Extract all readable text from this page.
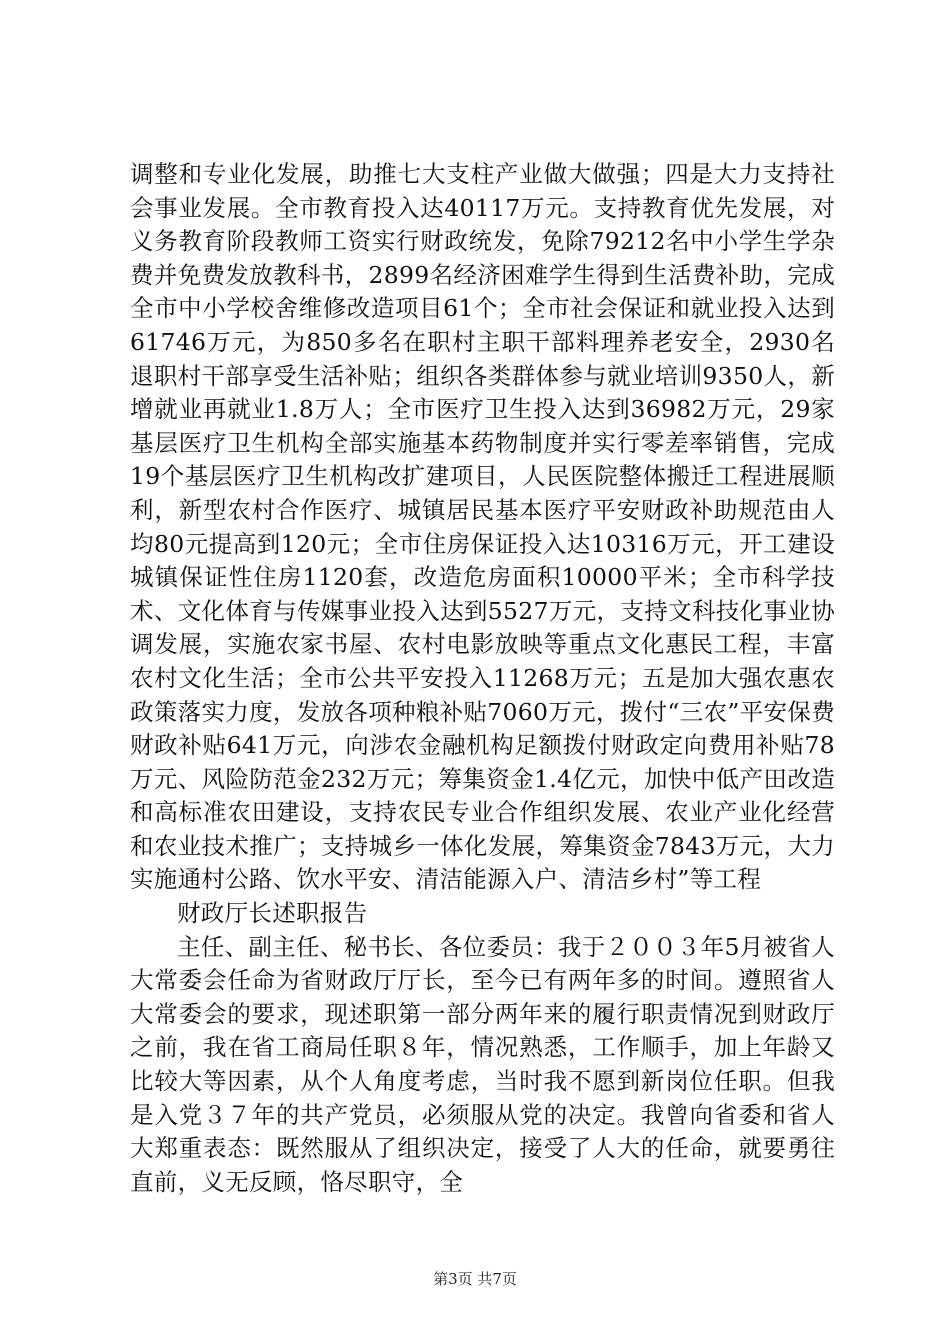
调整和专业化发展，助推七大支柱产业做大做强；四是大力支持社会事业发展。全市教育投入达40117万元。支持教育优先发展，对义务教育阶段教师工资实行财政统发，免除79212名中小学生学杂费并免费发放教科书，2899名经济困难学生得到生活费补助，完成全市中小学校舍维修改造项目61个；全市社会保证和就业投入达到61746万元，为850多名在职村主职干部料理养老安全，2930名退职村干部享受生活补贴；组织各类群体参与就业培训9350人，新增就业再就业1.8万人；全市医疗卫生投入达到36982万元，29家基层医疗卫生机构全部实施基本药物制度并实行零差率销售，完成19个基层医疗卫生机构改扩建项目，人民医院整体搬迁工程进展顺利，新型农村合作医疗、城镇居民基本医疗平安财政补助规范由人均80元提高到120元；全市住房保证投入达10316万元，开工建设城镇保证性住房1120套，改造危房面积10000平米；全市科学技术、文化体育与传媒事业投入达到5527万元，支持文科技化事业协调发展，实施农家书屋、农村电影放映等重点文化惠民工程，丰富农村文化生活；全市公共平安投入11268万元；五是加大强农惠农政策落实力度，发放各项种粮补贴7060万元，拨付“三农”平安保费财政补贴641万元，向涉农金融机构足额拨付财政定向费用补贴78万元、风险防范金232万元；筹集资金1.4亿元，加快中低产田改造和高标准农田建设，支持农民专业合作组织发展、农业产业化经营和农业技术推广；支持城乡一体化发展，筹集资金7843万元，大力实施通村公路、饮水平安、清洁能源入户、清洁乡村”等工程

财政厅长述职报告

主任、副主任、秘书长、各位委员：我于２００３年5月被省人大常委会任命为省财政厅厅长，至今已有两年多的时间。遵照省人大常委会的要求，现述职第一部分两年来的履行职责情况到财政厅之前，我在省工商局任职８年，情况熟悉，工作顺手，加上年龄又比较大等因素，从个人角度考虑，当时我不愿到新岗位任职。但我是入党３７年的共产党员，必须服从党的决定。我曾向省委和省人大郑重表态：既然服从了组织决定，接受了人大的任命，就要勇往直前，义无反顾，恪尽职守，全

第3页 共7页
